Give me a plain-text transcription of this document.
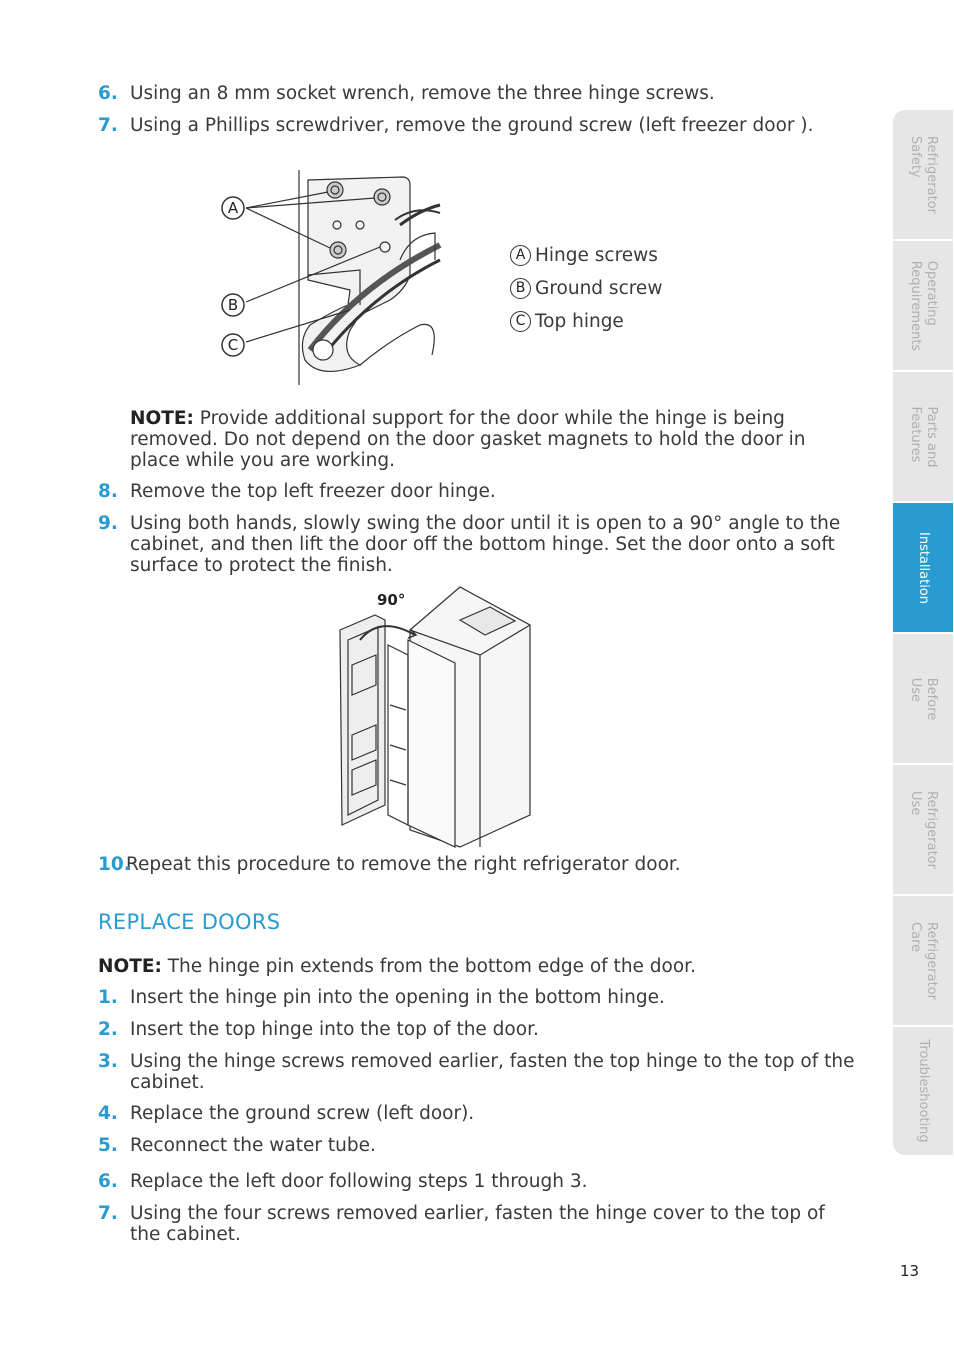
6. Using an 8 mm socket wrench, remove the three hinge screws.
7. Using a Phillips screwdriver, remove the ground screw (left freezer door ).
A
B
C
A Hinge screws
B Ground screw
C Top hinge
NOTE: Provide additional support for the door while the hinge is being removed. Do not depend on the door gasket magnets to hold the door in place while you are working.
8. Remove the top left freezer door hinge.
9. Using both hands, slowly swing the door until it is open to a 90° angle to the cabinet, and then lift the door off the bottom hinge. Set the door onto a soft surface to protect the finish.
90°
10.
Repeat this procedure to remove the right refrigerator door.
REPLACE DOORS
NOTE: The hinge pin extends from the bottom edge of the door.
1. Insert the hinge pin into the opening in the bottom hinge.
2. Insert the top hinge into the top of the door.
3. Using the hinge screws removed earlier, fasten the top hinge to the top of the cabinet.
4. Replace the ground screw (left door).
5. Reconnect the water tube.
6. Replace the left door following steps 1 through 3.
7. Using the four screws removed earlier, fasten the hinge cover to the top of the cabinet.
Refrigerator
Safety
Operating
Requirements
Parts and
Features
Installation
Before
Use
Refrigerator
Use
Refrigerator
Care
Troubleshooting
13
